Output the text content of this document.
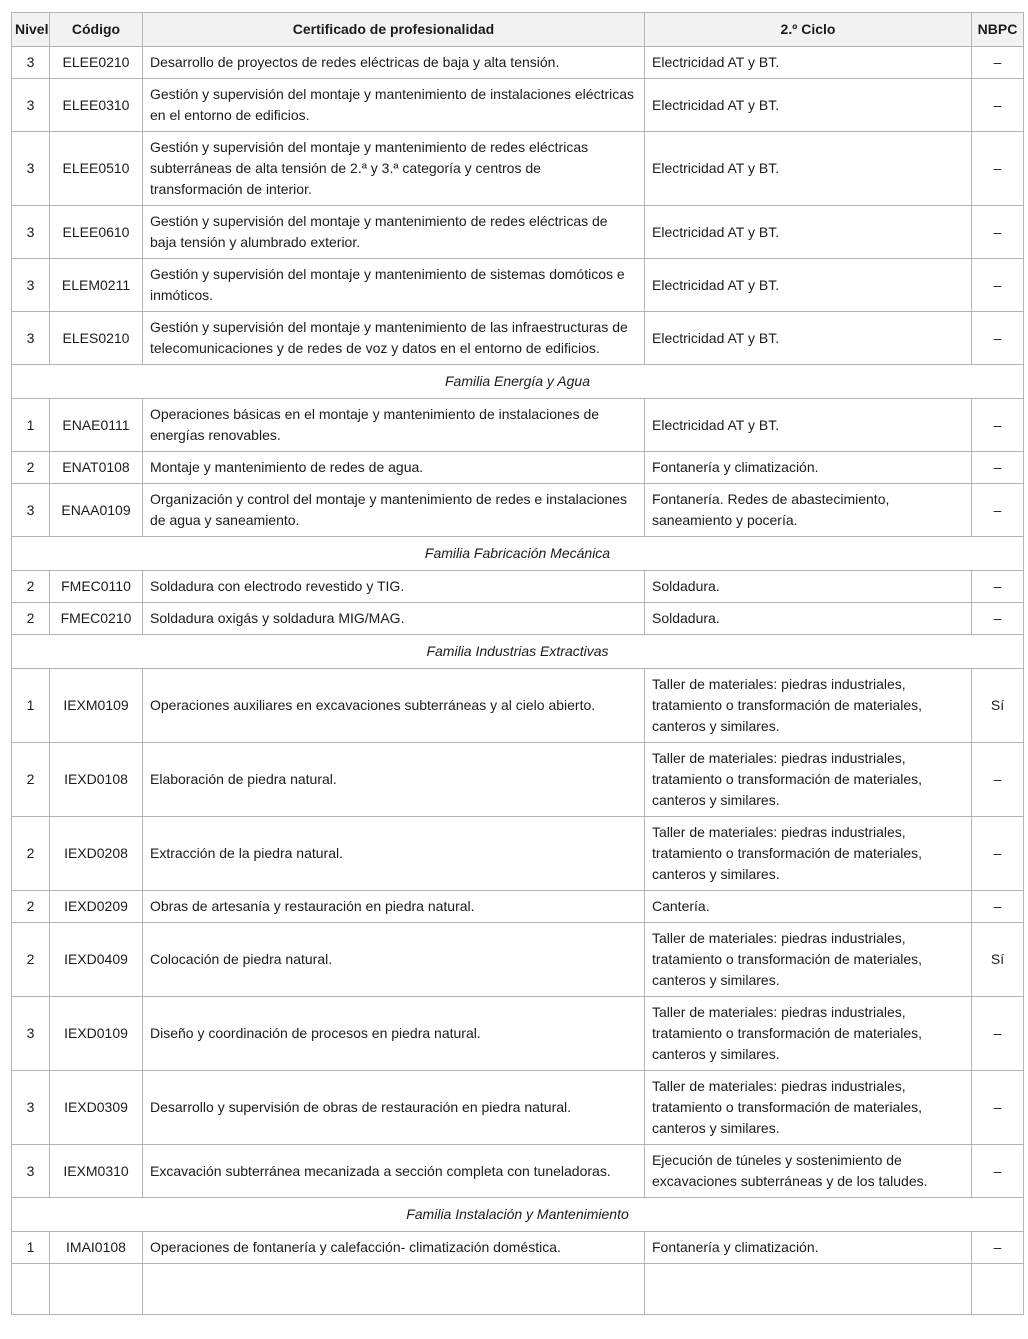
Nivel	Código	Certificado de profesionalidad	2.º Ciclo	NBPC
3	ELEE0210	Desarrollo de proyectos de redes eléctricas de baja y alta tensión.	Electricidad AT y BT.	–
3	ELEE0310	Gestión y supervisión del montaje y mantenimiento de instalaciones eléctricas en el entorno de edificios.	Electricidad AT y BT.	–
3	ELEE0510	Gestión y supervisión del montaje y mantenimiento de redes eléctricas subterráneas de alta tensión de 2.ª y 3.ª categoría y centros de transformación de interior.	Electricidad AT y BT.	–
3	ELEE0610	Gestión y supervisión del montaje y mantenimiento de redes eléctricas de baja tensión y alumbrado exterior.	Electricidad AT y BT.	–
3	ELEM0211	Gestión y supervisión del montaje y mantenimiento de sistemas domóticos e inmóticos.	Electricidad AT y BT.	–
3	ELES0210	Gestión y supervisión del montaje y mantenimiento de las infraestructuras de telecomunicaciones y de redes de voz y datos en el entorno de edificios.	Electricidad AT y BT.	–
Familia Energía y Agua				
1	ENAE0111	Operaciones básicas en el montaje y mantenimiento de instalaciones de energías renovables.	Electricidad AT y BT.	–
2	ENAT0108	Montaje y mantenimiento de redes de agua.	Fontanería y climatización.	–
3	ENAA0109	Organización y control del montaje y mantenimiento de redes e instalaciones de agua y saneamiento.	Fontanería. Redes de abastecimiento, saneamiento y pocería.	–
Familia Fabricación Mecánica				
2	FMEC0110	Soldadura con electrodo revestido y TIG.	Soldadura.	–
2	FMEC0210	Soldadura oxigás y soldadura MIG/MAG.	Soldadura.	–
Familia Industrias Extractivas				
1	IEXM0109	Operaciones auxiliares en excavaciones subterráneas y al cielo abierto.	Taller de materiales: piedras industriales, tratamiento o transformación de materiales, canteros y similares.	Sí
2	IEXD0108	Elaboración de piedra natural.	Taller de materiales: piedras industriales, tratamiento o transformación de materiales, canteros y similares.	–
2	IEXD0208	Extracción de la piedra natural.	Taller de materiales: piedras industriales, tratamiento o transformación de materiales, canteros y similares.	–
2	IEXD0209	Obras de artesanía y restauración en piedra natural.	Cantería.	–
2	IEXD0409	Colocación de piedra natural.	Taller de materiales: piedras industriales, tratamiento o transformación de materiales, canteros y similares.	Sí
3	IEXD0109	Diseño y coordinación de procesos en piedra natural.	Taller de materiales: piedras industriales, tratamiento o transformación de materiales, canteros y similares.	–
3	IEXD0309	Desarrollo y supervisión de obras de restauración en piedra natural.	Taller de materiales: piedras industriales, tratamiento o transformación de materiales, canteros y similares.	–
3	IEXM0310	Excavación subterránea mecanizada a sección completa con tuneladoras.	Ejecución de túneles y sostenimiento de excavaciones subterráneas y de los taludes.	–
Familia Instalación y Mantenimiento				
1	IMAI0108	Operaciones de fontanería y calefacción- climatización doméstica.	Fontanería y climatización.	–
